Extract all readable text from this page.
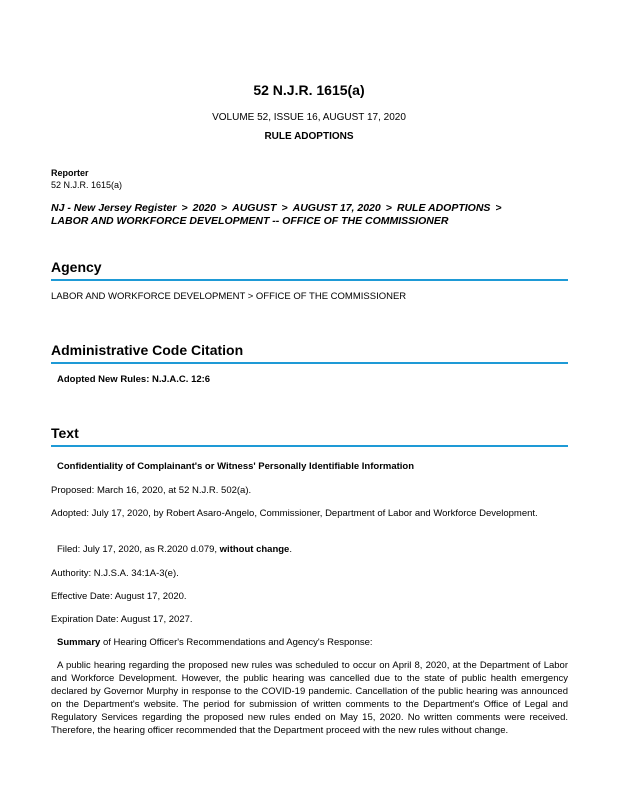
52 N.J.R. 1615(a)
VOLUME 52, ISSUE 16, AUGUST 17, 2020
RULE ADOPTIONS
Reporter
52 N.J.R. 1615(a)
NJ - New Jersey Register > 2020 > AUGUST > AUGUST 17, 2020 > RULE ADOPTIONS >
LABOR AND WORKFORCE DEVELOPMENT -- OFFICE OF THE COMMISSIONER
Agency
LABOR AND WORKFORCE DEVELOPMENT > OFFICE OF THE COMMISSIONER
Administrative Code Citation
Adopted New Rules: N.J.A.C. 12:6
Text
Confidentiality of Complainant's or Witness' Personally Identifiable Information
Proposed: March 16, 2020, at 52 N.J.R. 502(a).
Adopted: July 17, 2020, by Robert Asaro-Angelo, Commissioner, Department of Labor and Workforce Development.
Filed: July 17, 2020, as R.2020 d.079, without change.
Authority: N.J.S.A. 34:1A-3(e).
Effective Date: August 17, 2020.
Expiration Date: August 17, 2027.
Summary of Hearing Officer's Recommendations and Agency's Response:
A public hearing regarding the proposed new rules was scheduled to occur on April 8, 2020, at the Department of Labor and Workforce Development. However, the public hearing was cancelled due to the state of public health emergency declared by Governor Murphy in response to the COVID-19 pandemic. Cancellation of the public hearing was announced on the Department's website. The period for submission of written comments to the Department's Office of Legal and Regulatory Services regarding the proposed new rules ended on May 15, 2020. No written comments were received. Therefore, the hearing officer recommended that the Department proceed with the new rules without change.
